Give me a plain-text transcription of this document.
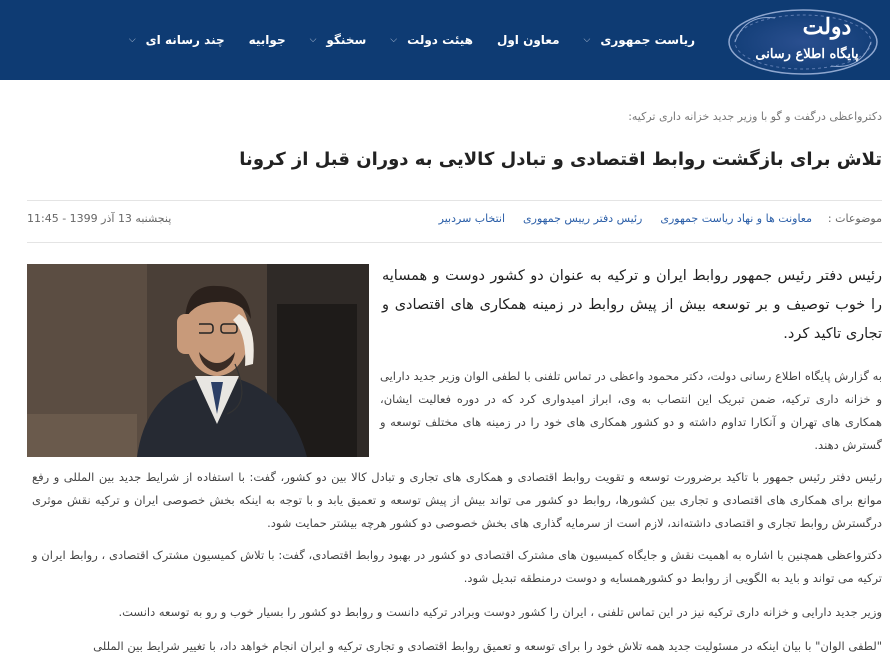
دولت
پایگاه اطلاع رسانی
ریاست جمهوری
⌵
معاون اول
هیئت دولت
⌵
سخنگو
⌵
جوابیه
چند رسانه ای
⌵
دکترواعظی درگفت و گو با وزیر جدید خزانه داری ترکیه:
تلاش برای بازگشت روابط اقتصادی و تبادل کالایی به دوران قبل از کرونا
موضوعات :
معاونت ها و نهاد ریاست جمهوری
رئیس دفتر رییس جمهوری
انتخاب سردبیر
پنجشنبه 13 آذر 1399 - 11:45
رئیس دفتر رئیس جمهور روابط ایران و ترکیه به عنوان دو کشور دوست و همسایه را خوب توصیف و بر توسعه بیش از پیش روابط در زمینه همکاری های اقتصادی و تجاری تاکید کرد.
به گزارش پایگاه اطلاع رسانی دولت، دکتر محمود واعظی در تماس تلفنی با لطفی الوان وزیر جدید دارایی و خزانه داری ترکیه، ضمن تبریک این انتصاب به وی، ابراز امیدواری کرد که در دوره فعالیت ایشان، همکاری های تهران و آنکارا تداوم داشته و دو کشور همکاری های خود را در زمینه های مختلف توسعه و گسترش دهند.
رئیس دفتر رئیس جمهور با تاکید برضرورت توسعه و تقویت روابط اقتصادی و همکاری های تجاری و تبادل کالا بین دو کشور، گفت: با استفاده از شرایط جدید بین المللی و رفع موانع برای همکاری های اقتصادی و تجاری بین کشورها، روابط دو کشور می تواند بیش از پیش توسعه و تعمیق یابد و با توجه به اینکه بخش خصوصی ایران و ترکیه نقش موثری درگسترش روابط تجاری و اقتصادی داشته‌اند، لازم است از سرمایه گذاری های بخش خصوصی دو کشور هرچه بیشتر حمایت شود.
دکترواعظی همچنین با اشاره به اهمیت نقش و جایگاه کمیسیون های مشترک اقتصادی دو کشور در بهبود روابط اقتصادی، گفت: با تلاش کمیسیون مشترک اقتصادی ، روابط ایران و ترکیه می تواند و باید به الگویی از روابط دو کشورهمسایه و دوست درمنطقه تبدیل شود.
وزیر جدید دارایی و خزانه داری ترکیه نیز در این تماس تلفنی ، ایران را کشور دوست وبرادر ترکیه دانست و روابط دو کشور را بسیار خوب و رو به توسعه دانست.
"لطفی الوان" با بیان اینکه در مسئولیت جدید همه تلاش خود را برای توسعه و تعمیق روابط اقتصادی و تجاری ترکیه و ایران انجام خواهد داد، با تغییر شرایط بین المللی
